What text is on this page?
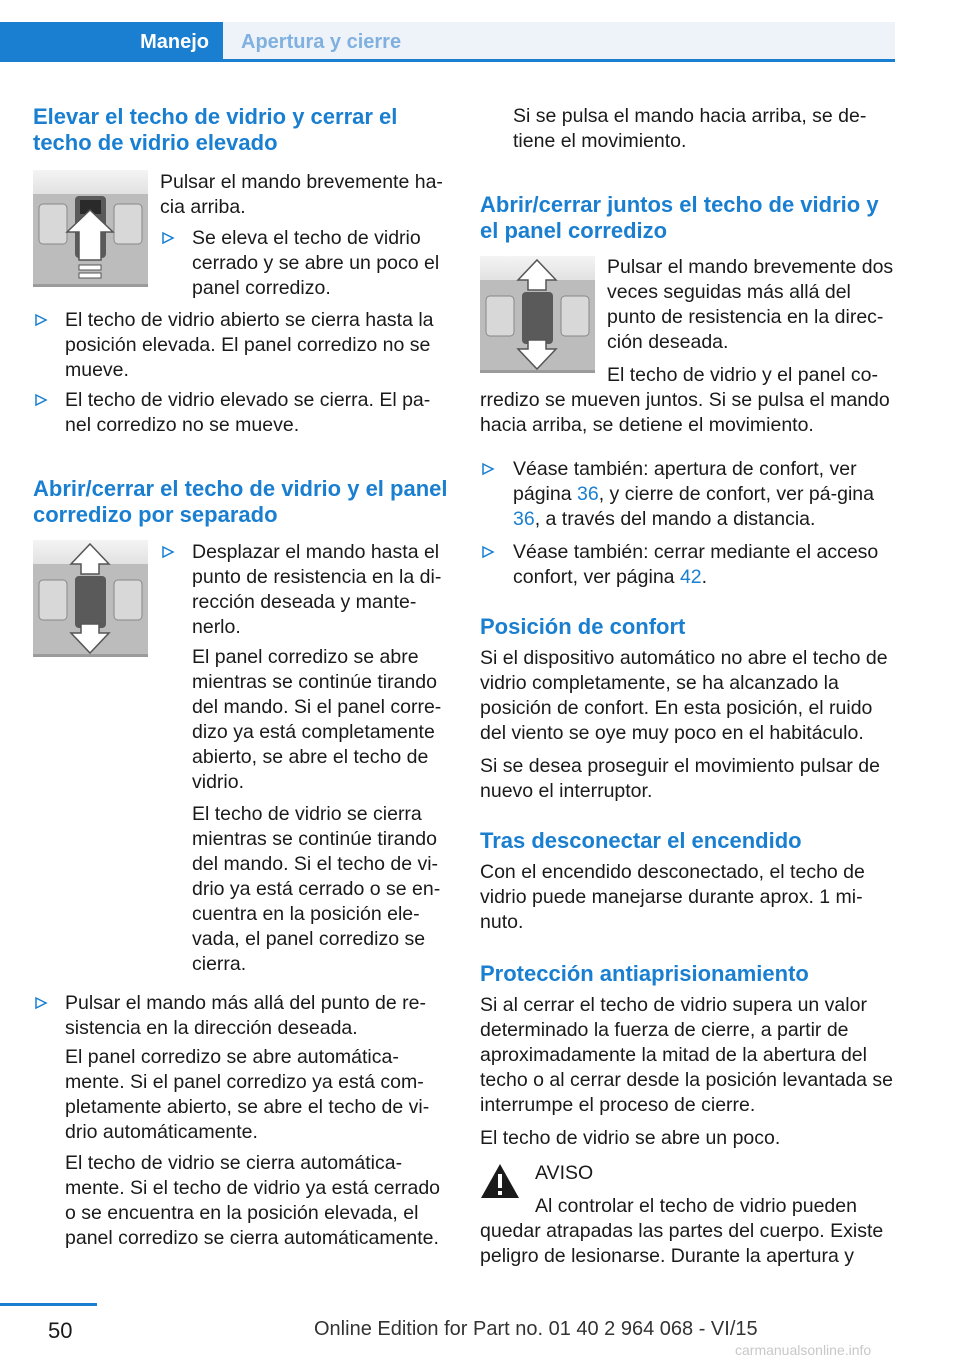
Manejo Apertura y cierre
Elevar el techo de vidrio y cerrar el techo de vidrio elevado

Pulsar el mando brevemente ha-cia arriba.

Se eleva el techo de vidrio cerrado y se abre un poco el panel corredizo.

El techo de vidrio abierto se cierra hasta la posición elevada. El panel corredizo no se mueve.

El techo de vidrio elevado se cierra. El pa-nel corredizo no se mueve.

Abrir/cerrar el techo de vidrio y el panel corredizo por separado

Desplazar el mando hasta el punto de resistencia en la di-rección deseada y mante-nerlo.

El panel corredizo se abre mientras se continúe tirando del mando. Si el panel corre-dizo ya está completamente abierto, se abre el techo de vidrio.

El techo de vidrio se cierra mientras se continúe tirando del mando. Si el techo de vi-drio ya está cerrado o se en-cuentra en la posición ele-vada, el panel corredizo se cierra.

Pulsar el mando más allá del punto de re-sistencia en la dirección deseada.

El panel corredizo se abre automática-mente. Si el panel corredizo ya está com-pletamente abierto, se abre el techo de vi-drio automáticamente.

El techo de vidrio se cierra automática-mente. Si el techo de vidrio ya está cerrado o se encuentra en la posición elevada, el panel corredizo se cierra automáticamente.

Si se pulsa el mando hacia arriba, se de-tiene el movimiento.

Abrir/cerrar juntos el techo de vidrio y el panel corredizo

Pulsar el mando brevemente dos veces seguidas más allá del punto de resistencia en la direc-ción deseada.

El techo de vidrio y el panel co-

rredizo se mueven juntos. Si se pulsa el mando hacia arriba, se detiene el movimiento.

Véase también: apertura de confort, ver página 36, y cierre de confort, ver pá-gina 36, a través del mando a distancia.

Véase también: cerrar mediante el acceso confort, ver página 42.

Posición de confort

Si el dispositivo automático no abre el techo de vidrio completamente, se ha alcanzado la posición de confort. En esta posición, el ruido del viento se oye muy poco en el habitáculo.

Si se desea proseguir el movimiento pulsar de nuevo el interruptor.

Tras desconectar el encendido

Con el encendido desconectado, el techo de vidrio puede manejarse durante aprox. 1 mi-nuto.

Protección antiaprisionamiento

Si al cerrar el techo de vidrio supera un valor determinado la fuerza de cierre, a partir de aproximadamente la mitad de la abertura del techo o al cerrar desde la posición levantada se interrumpe el proceso de cierre.

El techo de vidrio se abre un poco.

AVISO

Al controlar el techo de vidrio pueden

quedar atrapadas las partes del cuerpo. Existe peligro de lesionarse. Durante la apertura y

50	Online Edition for Part no. 01 40 2 964 068 - VI/15
carmanualsonline.info
